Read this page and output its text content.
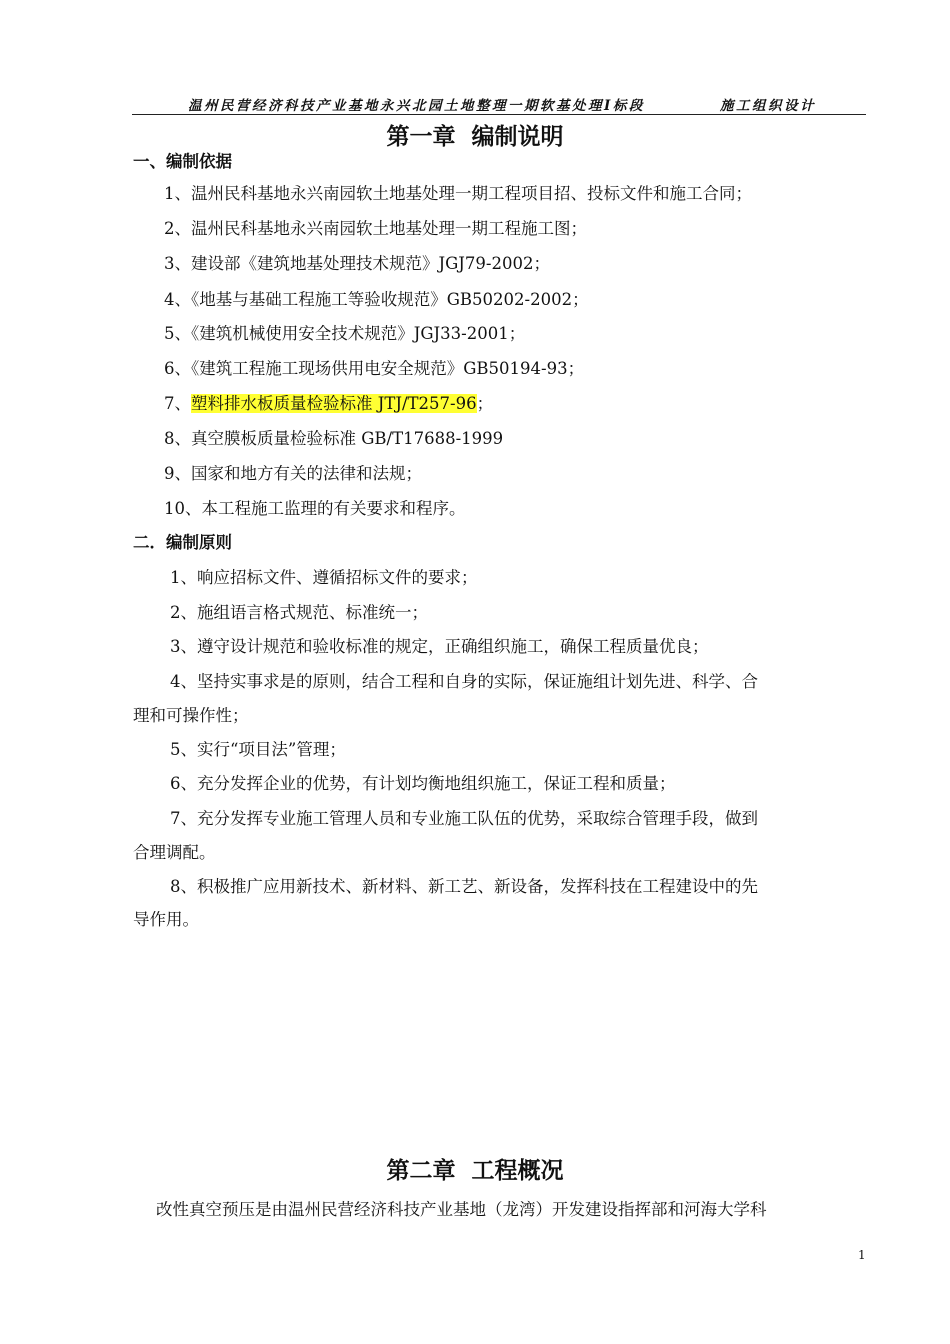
温州民营经济科技产业基地永兴北园土地整理一期软基处理Ⅰ标段	施工组织设计
第一章  编制说明
一、编制依据
1、温州民科基地永兴南园软土地基处理一期工程项目招、投标文件和施工合同；
2、温州民科基地永兴南园软土地基处理一期工程施工图；
3、建设部《建筑地基处理技术规范》JGJ79-2002；
4、《地基与基础工程施工等验收规范》GB50202-2002；
5、《建筑机械使用安全技术规范》JGJ33-2001；
6、《建筑工程施工现场供用电安全规范》GB50194-93；
7、塑料排水板质量检验标准 JTJ/T257-96；
8、真空膜板质量检验标准 GB/T17688-1999
9、国家和地方有关的法律和法规；
10、本工程施工监理的有关要求和程序。
二．编制原则
1、响应招标文件、遵循招标文件的要求；
2、施组语言格式规范、标准统一；
3、遵守设计规范和验收标准的规定，正确组织施工，确保工程质量优良；
4、坚持实事求是的原则，结合工程和自身的实际，保证施组计划先进、科学、合
理和可操作性；
5、实行“项目法”管理；
6、充分发挥企业的优势，有计划均衡地组织施工，保证工程和质量；
7、充分发挥专业施工管理人员和专业施工队伍的优势，采取综合管理手段，做到
合理调配。
8、积极推广应用新技术、新材料、新工艺、新设备，发挥科技在工程建设中的先
导作用。
第二章  工程概况
改性真空预压是由温州民营经济科技产业基地（龙湾）开发建设指挥部和河海大学科
1
